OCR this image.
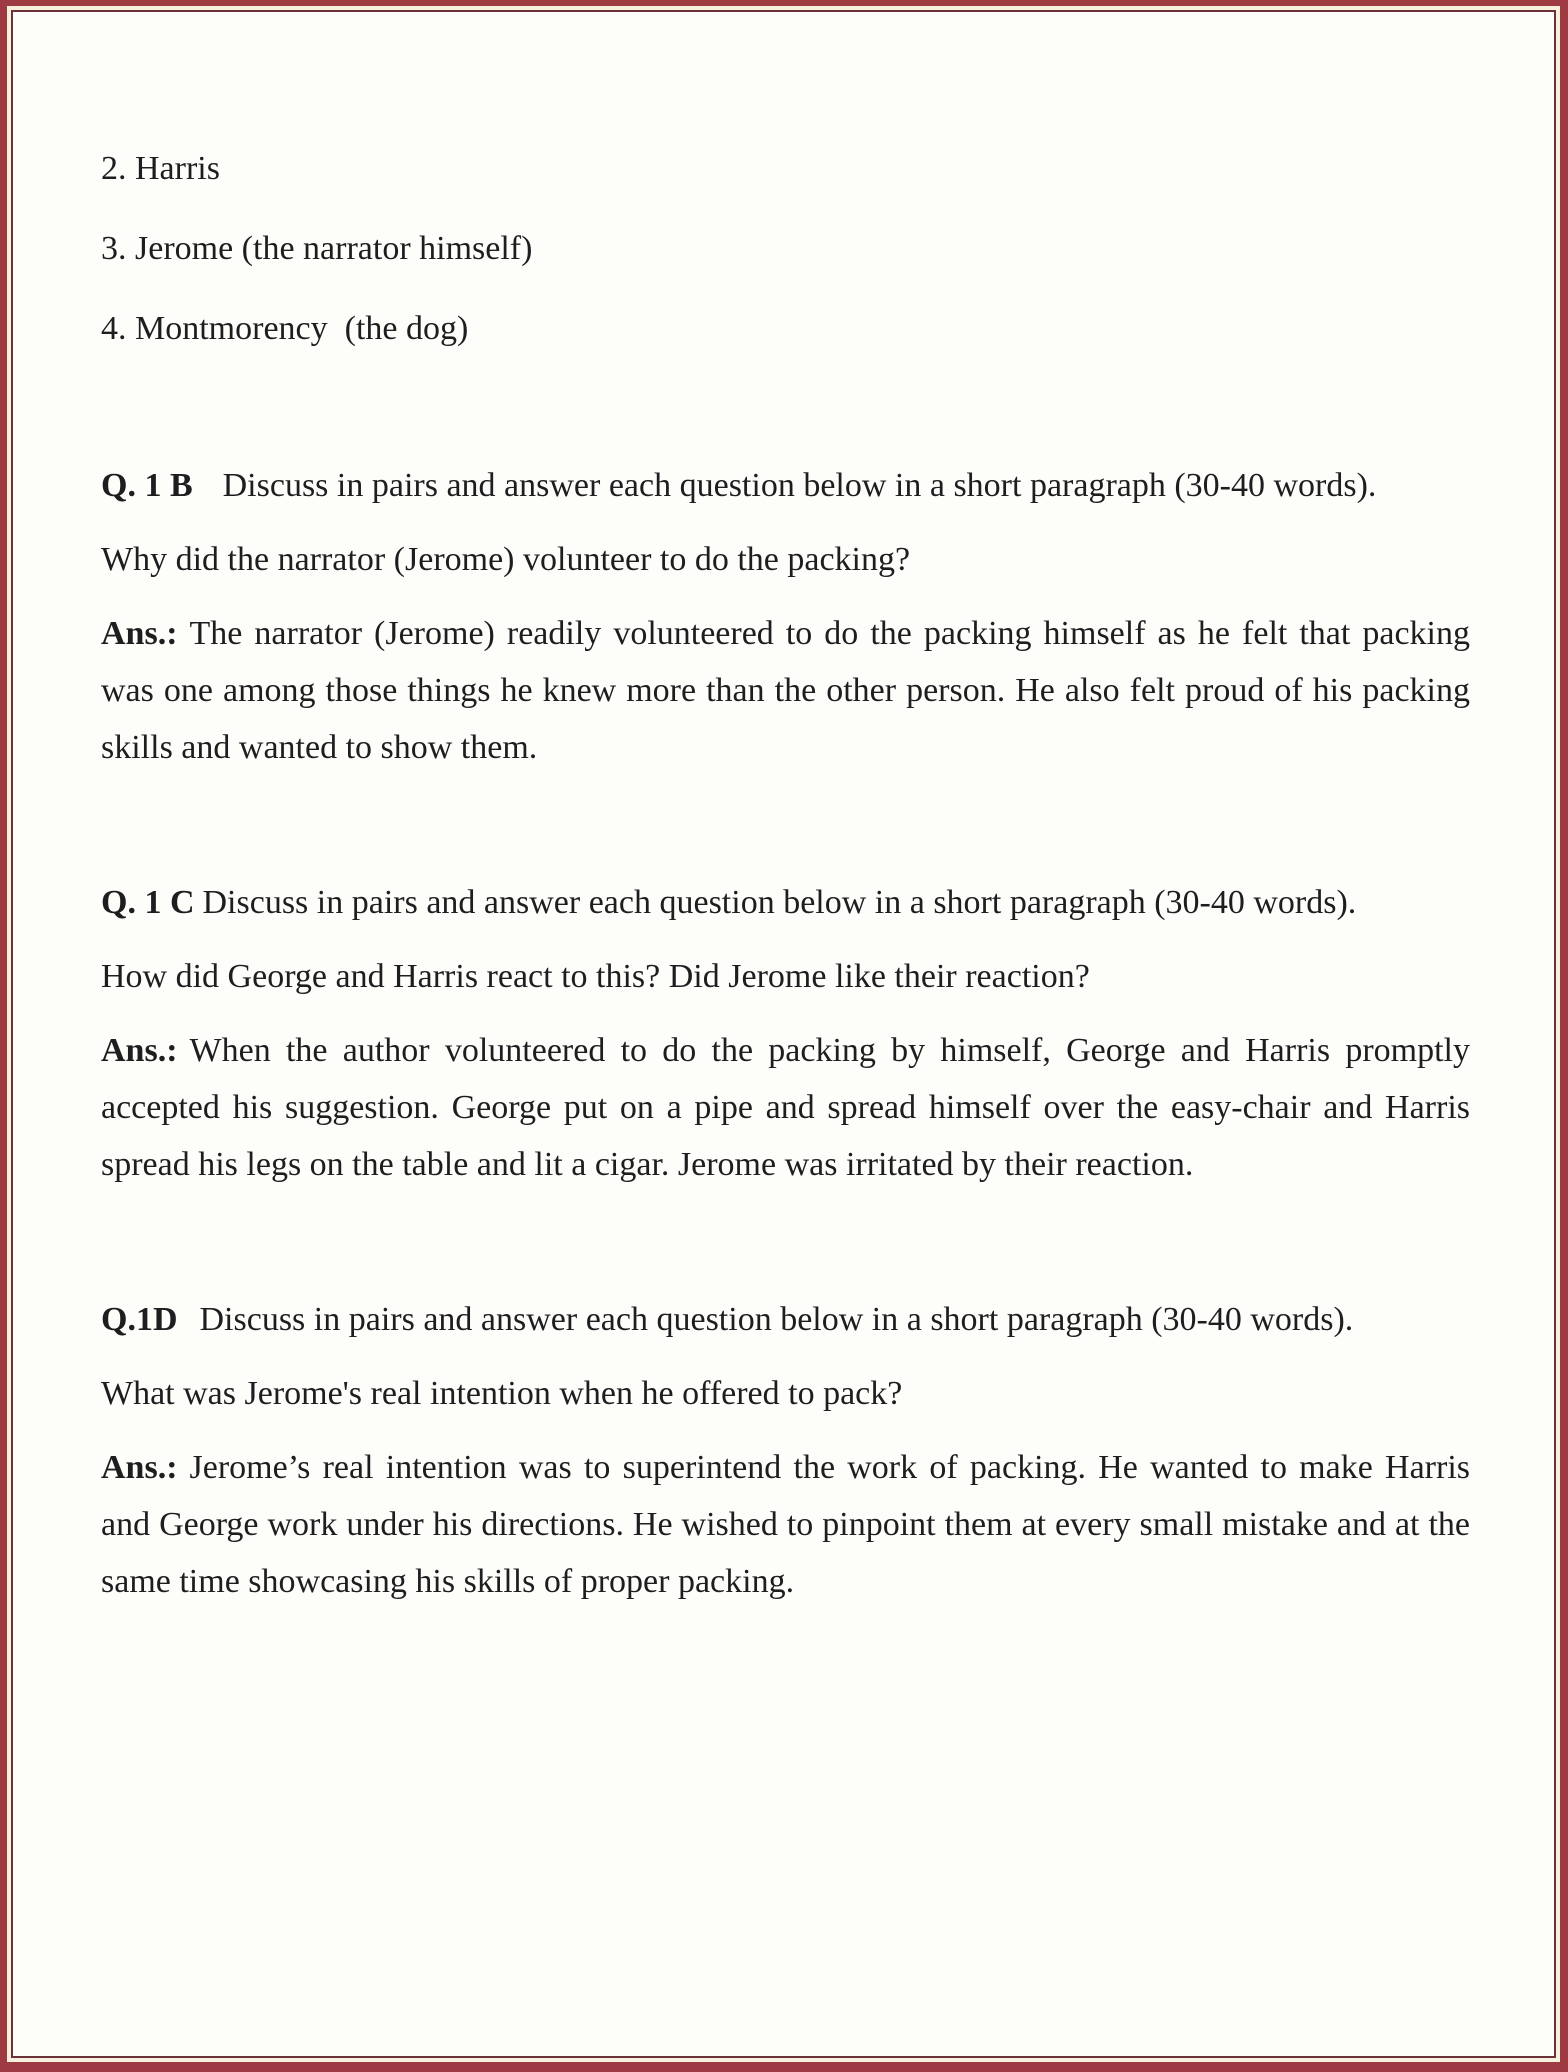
2. Harris

3. Jerome (the narrator himself)

4. Montmorency  (the dog)

Q. 1 B Discuss in pairs and answer each question below in a short paragraph (30-40 words).

Why did the narrator (Jerome) volunteer to do the packing?

Ans.: The narrator (Jerome) readily volunteered to do the packing himself as he felt that packing was one among those things he knew more than the other person. He also felt proud of his packing skills and wanted to show them.

Q. 1 C Discuss in pairs and answer each question below in a short paragraph (30-40 words).

How did George and Harris react to this? Did Jerome like their reaction?

Ans.: When the author volunteered to do the packing by himself, George and Harris promptly accepted his suggestion. George put on a pipe and spread himself over the easy-chair and Harris spread his legs on the table and lit a cigar. Jerome was irritated by their reaction.

Q.1D Discuss in pairs and answer each question below in a short paragraph (30-40 words).

What was Jerome's real intention when he offered to pack?

Ans.: Jerome’s real intention was to superintend the work of packing. He wanted to make Harris and George work under his directions. He wished to pinpoint them at every small mistake and at the same time showcasing his skills of proper packing.
